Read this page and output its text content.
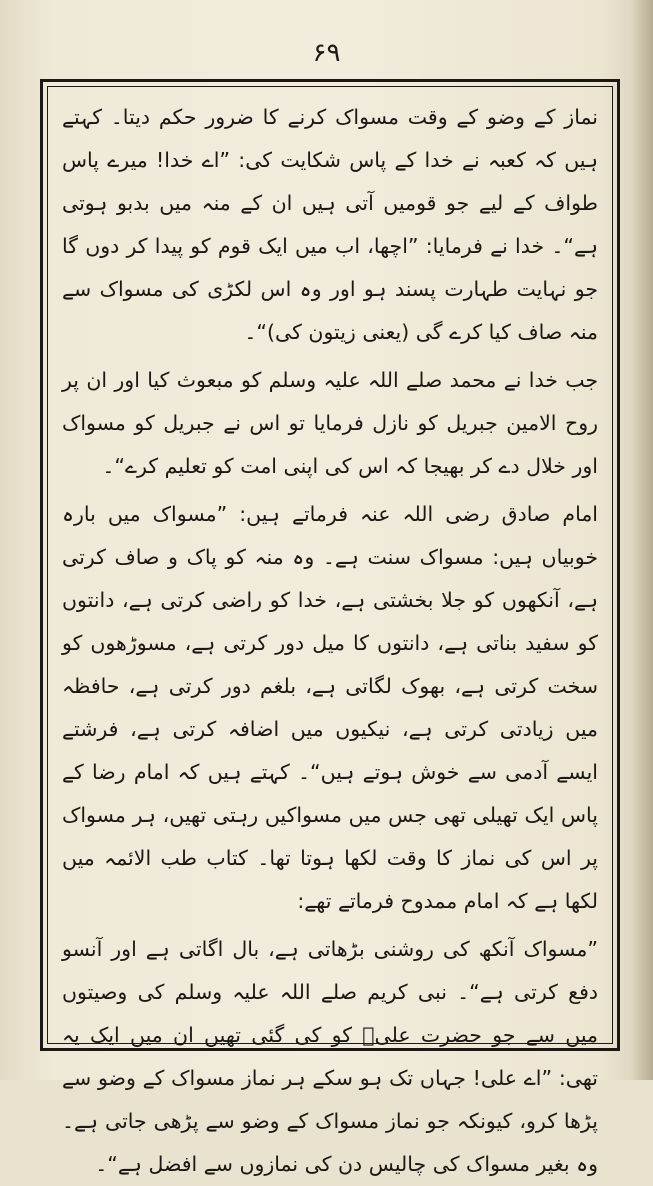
۶۹

نماز کے وضو کے وقت مسواک کرنے کا ضرور حکم دیتا۔ کہتے ہیں کہ کعبہ نے خدا کے پاس شکایت کی: ”اے خدا! میرے پاس طواف کے لیے جو قومیں آتی ہیں ان کے منہ میں بدبو ہوتی ہے“۔ خدا نے فرمایا: ”اچھا، اب میں ایک قوم کو پیدا کر دوں گا جو نہایت طہارت پسند ہو اور وہ اس لکڑی کی مسواک سے منہ صاف کیا کرے گی (یعنی زیتون کی)“۔

جب خدا نے محمد صلے اللہ علیہ وسلم کو مبعوث کیا اور ان پر روح الامین جبریل کو نازل فرمایا تو اس نے جبریل کو مسواک اور خلال دے کر بھیجا کہ اس کی اپنی امت کو تعلیم کرے“۔

امام صادق رضی اللہ عنہ فرماتے ہیں: ”مسواک میں بارہ خوبیاں ہیں: مسواک سنت ہے۔ وہ منہ کو پاک و صاف کرتی ہے، آنکھوں کو جلا بخشتی ہے، خدا کو راضی کرتی ہے، دانتوں کو سفید بناتی ہے، دانتوں کا میل دور کرتی ہے، مسوڑھوں کو سخت کرتی ہے، بھوک لگاتی ہے، بلغم دور کرتی ہے، حافظہ میں زیادتی کرتی ہے، نیکیوں میں اضافہ کرتی ہے، فرشتے ایسے آدمی سے خوش ہوتے ہیں“۔ کہتے ہیں کہ امام رضا کے پاس ایک تھیلی تھی جس میں مسواکیں رہتی تھیں، ہر مسواک پر اس کی نماز کا وقت لکھا ہوتا تھا۔ کتاب طب الائمہ میں لکھا ہے کہ امام ممدوح فرماتے تھے:

”مسواک آنکھ کی روشنی بڑھاتی ہے، بال اگاتی ہے اور آنسو دفع کرتی ہے“۔ نبی کریم صلے اللہ علیہ وسلم کی وصیتوں میں سے جو حضرت علیؑ کو کی گئی تھیں ان میں ایک یہ تھی: ”اے علی! جہاں تک ہو سکے ہر نماز مسواک کے وضو سے پڑھا کرو، کیونکہ جو نماز مسواک کے وضو سے پڑھی جاتی ہے۔ وہ بغیر مسواک کی چالیس دن کی نمازوں سے افضل ہے“۔
